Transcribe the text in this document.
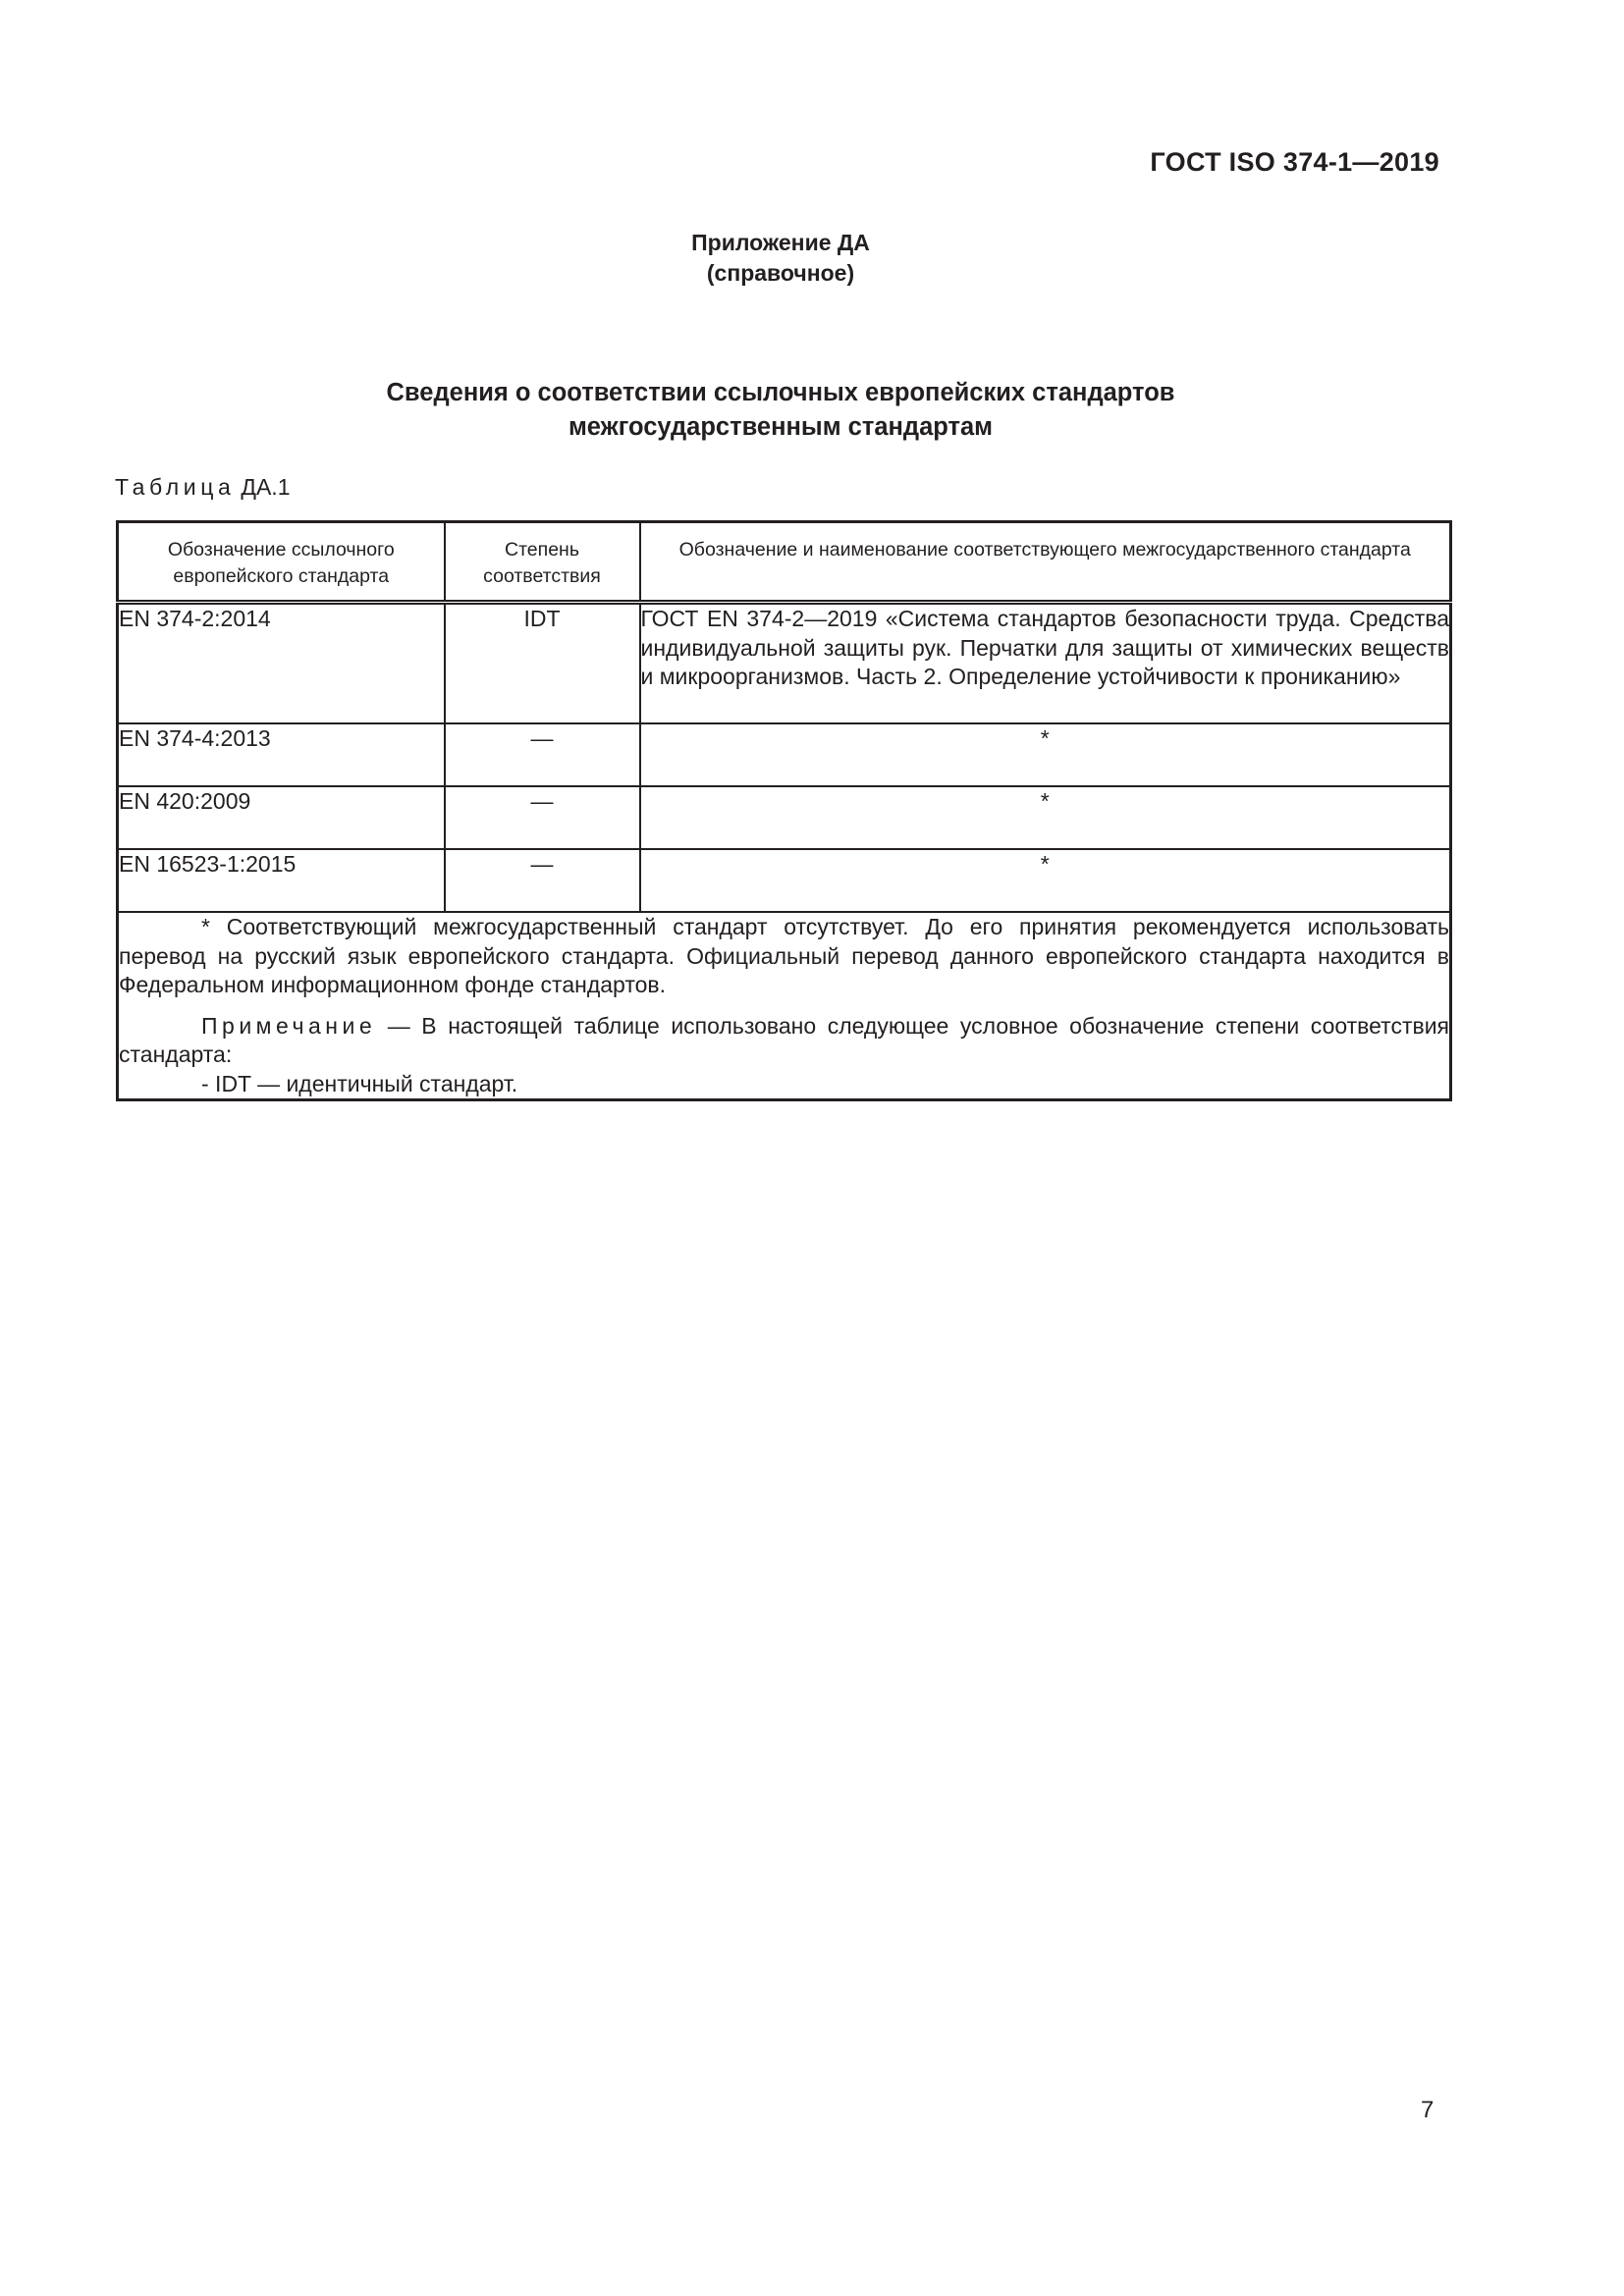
ГОСТ ISO 374-1—2019
Приложение ДА
(справочное)
Сведения о соответствии ссылочных европейских стандартов
межгосударственным стандартам
Таблица ДА.1
Обозначение ссылочного европейского стандарта	Степень соответствия	Обозначение и наименование соответствующего межгосударственного стандарта
EN 374-2:2014	IDT	ГОСТ EN 374-2—2019 «Система стандартов безопасности труда. Средства индивидуальной защиты рук. Перчатки для защиты от химических веществ и микроорганизмов. Часть 2. Определение устойчивости к прониканию»
EN 374-4:2013	—	*
EN 420:2009	—	*
EN 16523-1:2015	—	*

* Соответствующий межгосударственный стандарт отсутствует. До его принятия рекомендуется использовать перевод на русский язык европейского стандарта. Официальный перевод данного европейского стандарта находится в Федеральном информационном фонде стандартов.

Примечание — В настоящей таблице использовано следующее условное обозначение степени соответствия стандарта:

- IDT — идентичный стандарт.		

7
